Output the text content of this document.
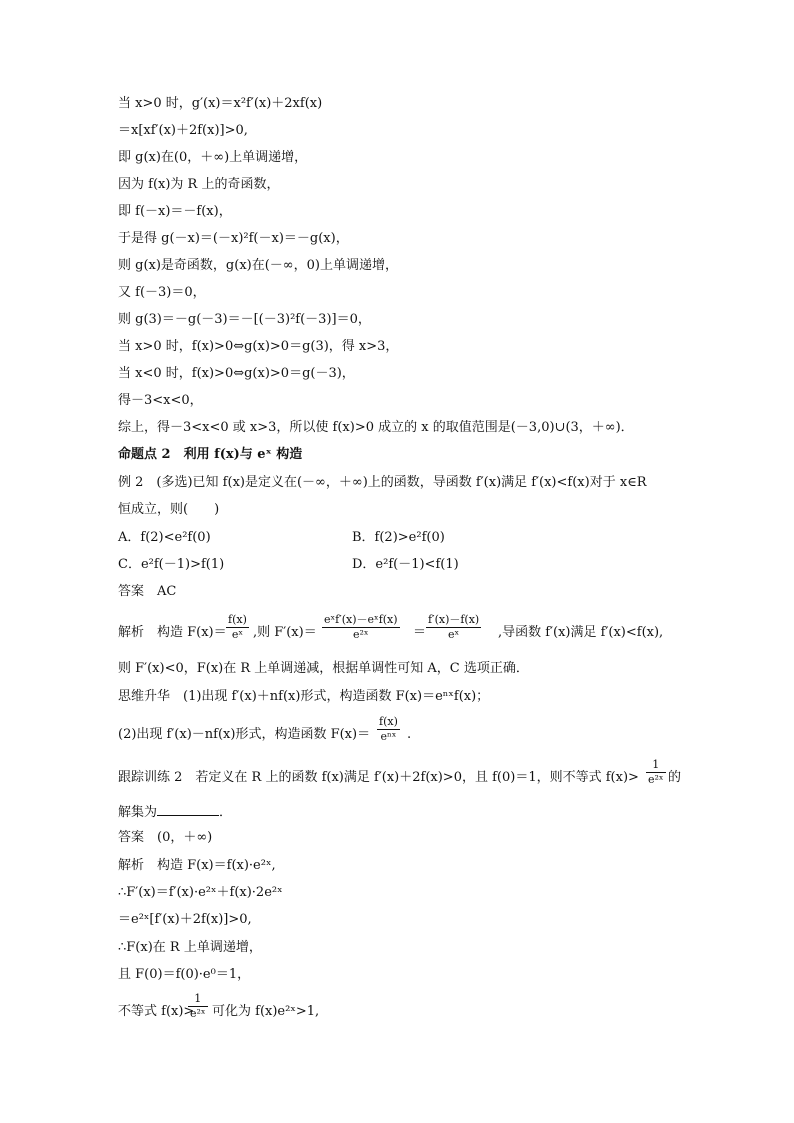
当 x>0 时，g′(x)＝x²f′(x)＋2xf(x)
＝x[xf′(x)＋2f(x)]>0,
即 g(x)在(0，＋∞)上单调递增，
因为 f(x)为 R 上的奇函数，
即 f(－x)＝－f(x)，
于是得 g(－x)＝(－x)²f(－x)＝－g(x)，
则 g(x)是奇函数，g(x)在(－∞，0)上单调递增，
又 f(－3)＝0，
则 g(3)＝－g(－3)＝－[(－3)²f(－3)]＝0，
当 x>0 时，f(x)>0⇔g(x)>0＝g(3)，得 x>3，
当 x<0 时，f(x)>0⇔g(x)>0＝g(－3)，
得－3<x<0，
综上，得－3<x<0 或 x>3，所以使 f(x)>0 成立的 x 的取值范围是(－3,0)∪(3，＋∞)．
命题点 2　利用 f(x)与 eˣ 构造
例 2　(多选)已知 f(x)是定义在(－∞，＋∞)上的函数，导函数 f′(x)满足 f′(x)<f(x)对于 x∈R
恒成立，则(　　)
A．f(2)<e²f(0)	B．f(2)>e²f(0)
C．e²f(－1)>f(1)	D．e²f(－1)<f(1)
答案　AC
解析　构造 $F(x)= \frac{f(x)}{\text{eˣ}}$ ,则 F′(x)＝
eˣf′(x)－eˣf(x)
e²ˣ	＝ $\frac{f'(x)-f(x)}{\text{eˣ}}$ ,导函数 f′(x)满足 f′(x)<f(x),
则 F′(x)<0，F(x)在 R 上单调递减，根据单调性可知 A，C 选项正确．
思维升华　(1)出现 f′(x)＋nf(x)形式，构造函数 F(x)＝eⁿˣf(x)；
(2)出现 f′(x)－nf(x)形式，构造函数 F(x)＝
f(x)
eⁿˣ .
跟踪训练 2　若定义在 R 上的函数 f(x)满足 f′(x)＋2f(x)>0，且 f(0)＝1，则不等式 $f(x)> \frac{1}{\text{e²ˣ}}$ 的
解集为	．
答案　(0，＋∞)
解析　构造 F(x)＝f(x)·e²ˣ,
∴F′(x)＝f′(x)·e²ˣ＋f(x)·2e²ˣ
＝e²ˣ[f′(x)＋2f(x)]>0,
∴F(x)在 R 上单调递增，
且 F(0)＝f(0)·e⁰＝1，
不等式 f(x)>
$\frac{1}{\text{e²ˣ}}$ 可化为 f(x)e²ˣ>1,
